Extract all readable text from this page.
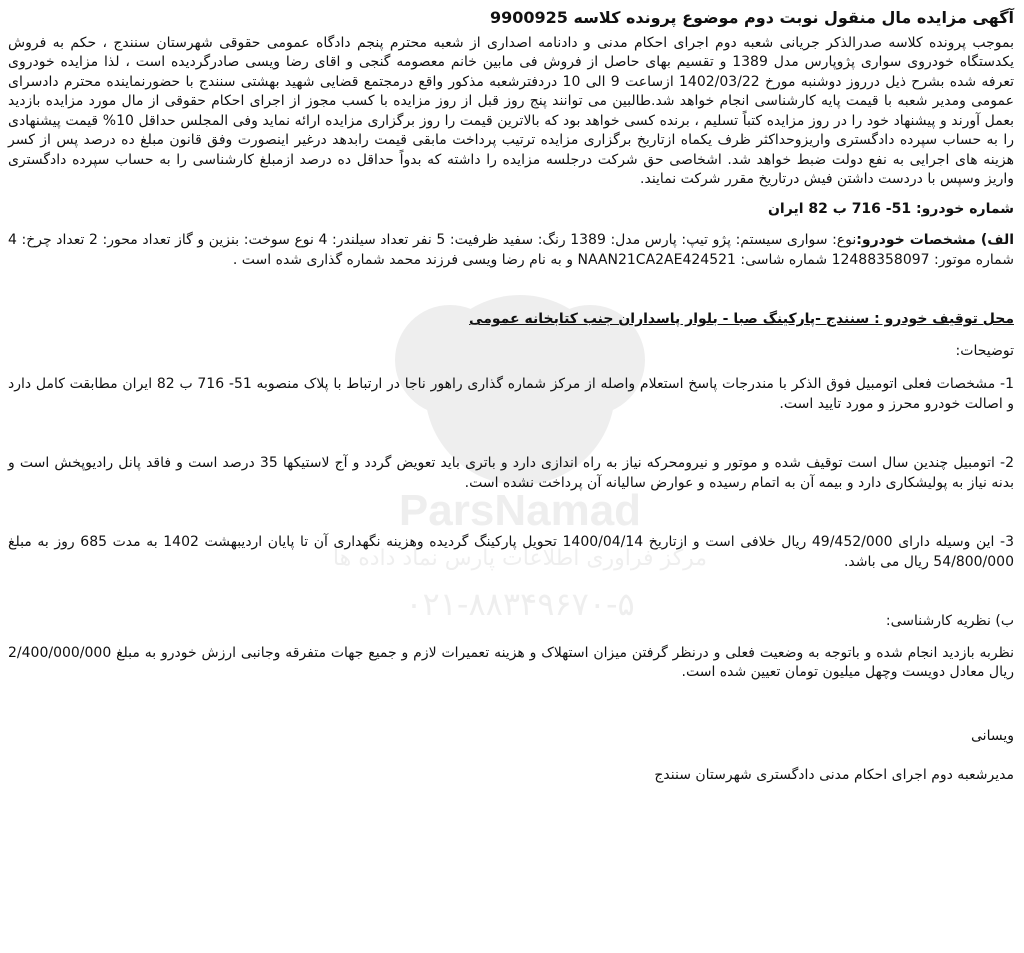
ParsNamad
مرکز فرآوری اطلاعات پارس نماد داده ها
۰۲۱-۸۸۳۴۹۶۷۰-۵
آگهی مزایده مال منقول نوبت دوم موضوع پرونده کلاسه 9900925

بموجب پرونده کلاسه صدرالذکر جریانی شعبه دوم اجرای احکام مدنی و دادنامه اصداری از شعبه محترم پنجم دادگاه عمومی حقوقی شهرستان سنندج ، حکم به فروش یکدستگاه خودروی سواری پژوپارس مدل 1389 و تقسیم بهای حاصل از فروش فی مابین خانم معصومه گنجی و اقای رضا ویسی صادرگردیده است ، لذا مزایده خودروی تعرفه شده بشرح ذیل درروز دوشنبه مورخ 1402/03/22 ازساعت 9 الی 10 دردفترشعبه مذکور واقع درمجتمع قضایی شهید بهشتی سنندج با حضورنماینده محترم دادسرای عمومی ومدیر شعبه با قیمت پایه کارشناسی انجام خواهد شد.طالبین می توانند پنج روز قبل از روز مزایده با کسب مجوز از اجرای احکام حقوقی از مال مورد مزایده بازدید بعمل آورند و پیشنهاد خود را در روز مزایده کتباً تسلیم ، برنده کسی خواهد بود که بالاترین قیمت را روز برگزاری مزایده ارائه نماید وفی المجلس حداقل 10% قیمت پیشنهادی را به حساب سپرده دادگستری واریزوحداکثر ظرف یکماه ازتاریخ برگزاری مزایده ترتیب پرداخت مابقی قیمت رابدهد درغیر اینصورت وفق قانون مبلغ ده درصد پس از کسر هزینه های اجرایی به نفع دولت ضبط خواهد شد. اشخاصی حق شرکت درجلسه مزایده را داشته که بدواً حداقل ده درصد ازمبلغ کارشناسی را به حساب سپرده دادگستری واریز وسپس با دردست داشتن فیش درتاریخ مقرر شرکت نمایند.

شماره خودرو: 51- 716 ب 82 ایران

الف) مشخصات خودرو:نوع: سواری سیستم: پژو تیپ: پارس مدل: 1389 رنگ: سفید ظرفیت: 5 نفر تعداد سیلندر: 4 نوع سوخت: بنزین و گاز تعداد محور: 2 تعداد چرخ: 4 شماره موتور: 12488358097 شماره شاسی: NAAN21CA2AE424521 و به نام رضا ویسی فرزند محمد شماره گذاری شده است .

محل توقیف خودرو : سنندج -پارکینگ صبا - بلوار پاسداران جنب کتابخانه عمومی

توضیحات:

1- مشخصات فعلی اتومبیل فوق الذکر با مندرجات پاسخ استعلام واصله از مرکز شماره گذاری راهور ناجا در ارتباط با پلاک منصوبه 51- 716 ب 82 ایران مطابقت کامل دارد و اصالت خودرو محرز و مورد تایید است.

2- اتومبیل چندین سال است توقیف شده و موتور و نیرومحرکه نیاز به راه اندازی دارد و باتری باید تعویض گردد و آج لاستیکها 35 درصد است و فاقد پانل رادیوپخش است و بدنه نیاز به پولیشکاری دارد و بیمه آن به اتمام رسیده و عوارض سالیانه آن پرداخت نشده است.

3- این وسیله دارای 49/452/000 ریال خلافی است و ازتاریخ 1400/04/14 تحویل پارکینگ گردیده وهزینه نگهداری آن تا پایان اردیبهشت 1402 به مدت 685 روز به مبلغ 54/800/000 ریال می باشد.

ب) نظریه کارشناسی:

نظربه بازدید انجام شده و باتوجه به وضعیت فعلی و درنظر گرفتن میزان استهلاک و هزینه تعمیرات لازم و جمیع جهات متفرقه وجانبی ارزش خودرو به مبلغ 2/400/000/000 ریال معادل دویست وچهل میلیون تومان تعیین شده است.

ویسانی

مدیرشعبه دوم اجرای احکام مدنی دادگستری شهرستان سنندج
